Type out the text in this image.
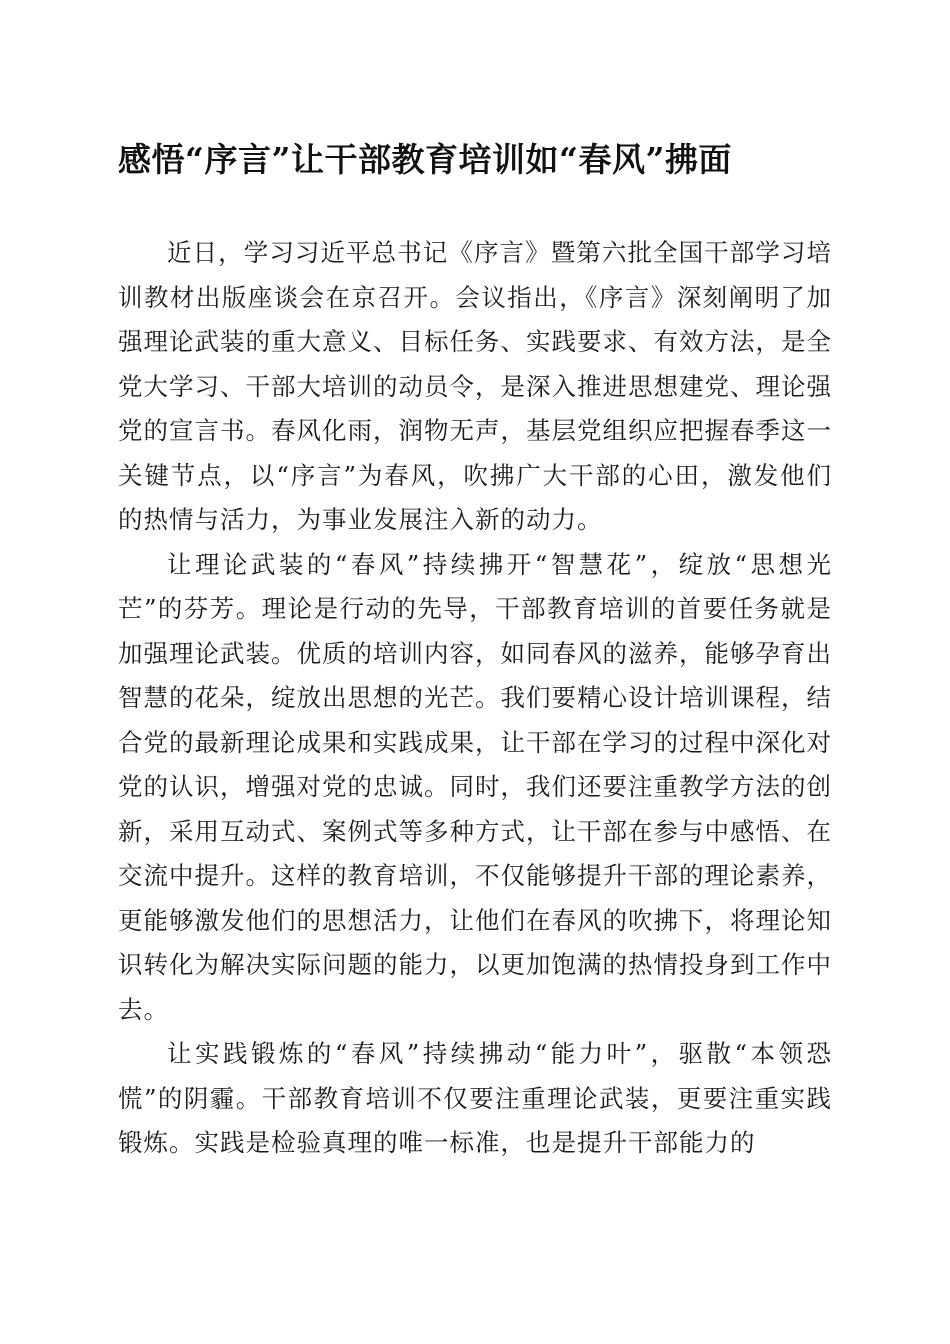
感悟“序言”让干部教育培训如“春风”拂面

近日，学习习近平总书记《序言》暨第六批全国干部学习培训教材出版座谈会在京召开。会议指出，《序言》深刻阐明了加强理论武装的重大意义、目标任务、实践要求、有效方法，是全党大学习、干部大培训的动员令，是深入推进思想建党、理论强党的宣言书。春风化雨，润物无声，基层党组织应把握春季这一关键节点，以“序言”为春风，吹拂广大干部的心田，激发他们的热情与活力，为事业发展注入新的动力。

让理论武装的“春风”持续拂开“智慧花”，绽放“思想光芒”的芬芳。理论是行动的先导，干部教育培训的首要任务就是加强理论武装。优质的培训内容，如同春风的滋养，能够孕育出智慧的花朵，绽放出思想的光芒。我们要精心设计培训课程，结合党的最新理论成果和实践成果，让干部在学习的过程中深化对党的认识，增强对党的忠诚。同时，我们还要注重教学方法的创新，采用互动式、案例式等多种方式，让干部在参与中感悟、在交流中提升。这样的教育培训，不仅能够提升干部的理论素养，更能够激发他们的思想活力，让他们在春风的吹拂下，将理论知识转化为解决实际问题的能力，以更加饱满的热情投身到工作中去。

让实践锻炼的“春风”持续拂动“能力叶”，驱散“本领恐慌”的阴霾。干部教育培训不仅要注重理论武装，更要注重实践锻炼。实践是检验真理的唯一标准，也是提升干部能力的
